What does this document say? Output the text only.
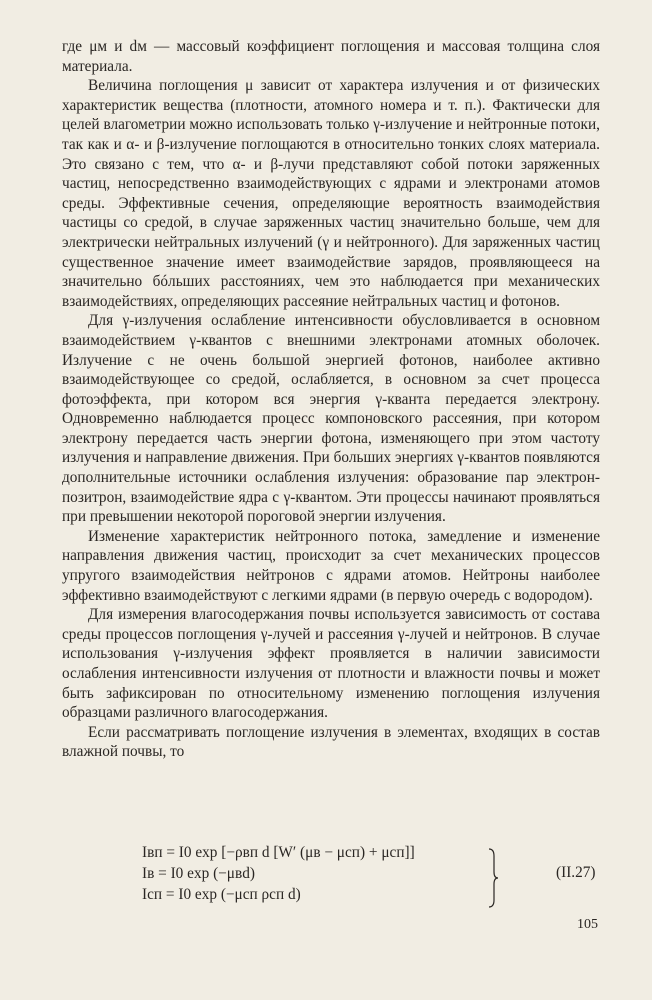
где μм и dм — массовый коэффициент поглощения и массовая толщина слоя материала.

Величина поглощения μ зависит от характера излучения и от физических характеристик вещества (плотности, атомного номера и т. п.). Фактически для целей влагометрии можно использовать только γ-излучение и нейтронные потоки, так как и α- и β-излучение поглощаются в относительно тонких слоях материала. Это связано с тем, что α- и β-лучи представляют собой потоки заряженных частиц, непосредственно взаимодействующих с ядрами и электронами атомов среды. Эффективные сечения, определяющие вероятность взаимодействия частицы со средой, в случае заряженных частиц значительно больше, чем для электрически нейтральных излучений (γ и нейтронного). Для заряженных частиц существенное значение имеет взаимодействие зарядов, проявляющееся на значительно бóльших расстояниях, чем это наблюдается при механических взаимодействиях, определяющих рассеяние нейтральных частиц и фотонов.

Для γ-излучения ослабление интенсивности обусловливается в основном взаимодействием γ-квантов с внешними электронами атомных оболочек. Излучение с не очень большой энергией фотонов, наиболее активно взаимодействующее со средой, ослабляется, в основном за счет процесса фотоэффекта, при котором вся энергия γ-кванта передается электрону. Одновременно наблюдается процесс компоновского рассеяния, при котором электрону передается часть энергии фотона, изменяющего при этом частоту излучения и направление движения. При больших энергиях γ-квантов появляются дополнительные источники ослабления излучения: образование пар электрон-позитрон, взаимодействие ядра с γ-квантом. Эти процессы начинают проявляться при превышении некоторой пороговой энергии излучения.

Изменение характеристик нейтронного потока, замедление и изменение направления движения частиц, происходит за счет механических процессов упругого взаимодействия нейтронов с ядрами атомов. Нейтроны наиболее эффективно взаимодействуют с легкими ядрами (в первую очередь с водородом).

Для измерения влагосодержания почвы используется зависимость от состава среды процессов поглощения γ-лучей и рассеяния γ-лучей и нейтронов. В случае использования γ-излучения эффект проявляется в наличии зависимости ослабления интенсивности излучения от плотности и влажности почвы и может быть зафиксирован по относительному изменению поглощения излучения образцами различного влагосодержания.

Если рассматривать поглощение излучения в элементах, входящих в состав влажной почвы, то

Iвп = I0 exp [−ρвп d [W′ (μв − μсп) + μсп]]
Iв = I0 exp (−μвd)
Iсп = I0 exp (−μсп ρсп d)
(II.27)
105
